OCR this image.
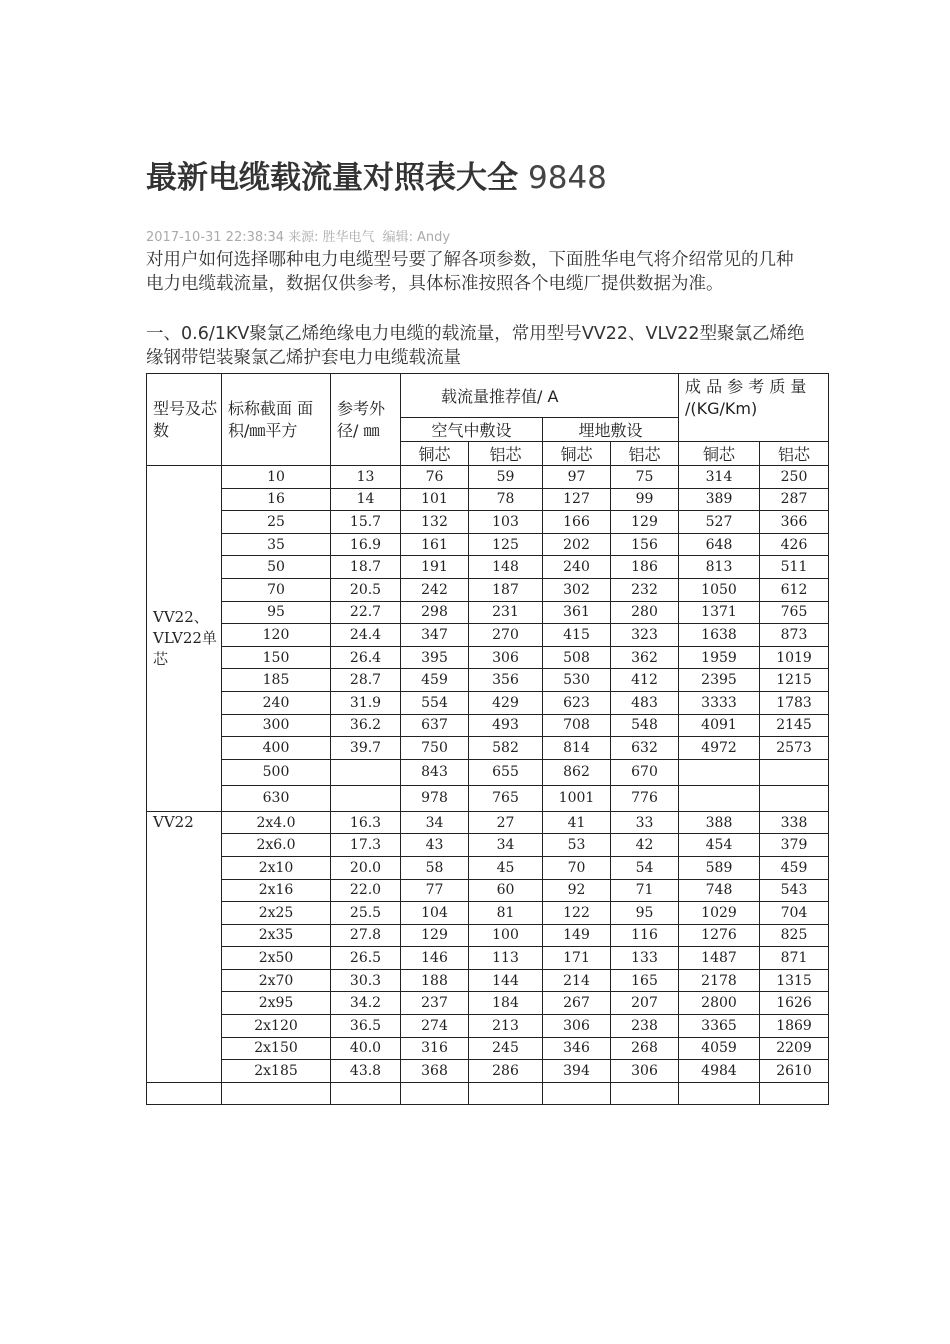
最新电缆载流量对照表大全 9848
2017-10-31 22:38:34 来源: 胜华电气 编辑: Andy
对用户如何选择哪种电力电缆型号要了解各项参数，下面胜华电气将介绍常见的几种电力电缆载流量，数据仅供参考，具体标准按照各个电缆厂提供数据为准。
一、0.6/1KV聚氯乙烯绝缘电力电缆的载流量，常用型号VV22、VLV22型聚氯乙烯绝缘钢带铠装聚氯乙烯护套电力电缆载流量
型号及芯数	标称截面 面积/㎜平方	参考外径/ ㎜	载流量推荐值/ A				成 品 参 考 质 量 /(KG/Km)	
			空气中敷设		埋地敷设			
			铜芯	铝芯	铜芯	铝芯	铜芯	铝芯
VV22、VLV22单芯	10	13	76	59	97	75	314	250
	16	14	101	78	127	99	389	287
	25	15.7	132	103	166	129	527	366
	35	16.9	161	125	202	156	648	426
	50	18.7	191	148	240	186	813	511
	70	20.5	242	187	302	232	1050	612
	95	22.7	298	231	361	280	1371	765
	120	24.4	347	270	415	323	1638	873
	150	26.4	395	306	508	362	1959	1019
	185	28.7	459	356	530	412	2395	1215
	240	31.9	554	429	623	483	3333	1783
	300	36.2	637	493	708	548	4091	2145
	400	39.7	750	582	814	632	4972	2573
	500		843	655	862	670		
	630		978	765	1001	776		
VV22	2x4.0	16.3	34	27	41	33	388	338
	2x6.0	17.3	43	34	53	42	454	379
	2x10	20.0	58	45	70	54	589	459
	2x16	22.0	77	60	92	71	748	543
	2x25	25.5	104	81	122	95	1029	704
	2x35	27.8	129	100	149	116	1276	825
	2x50	26.5	146	113	171	133	1487	871
	2x70	30.3	188	144	214	165	2178	1315
	2x95	34.2	237	184	267	207	2800	1626
	2x120	36.5	274	213	306	238	3365	1869
	2x150	40.0	316	245	346	268	4059	2209
	2x185	43.8	368	286	394	306	4984	2610
